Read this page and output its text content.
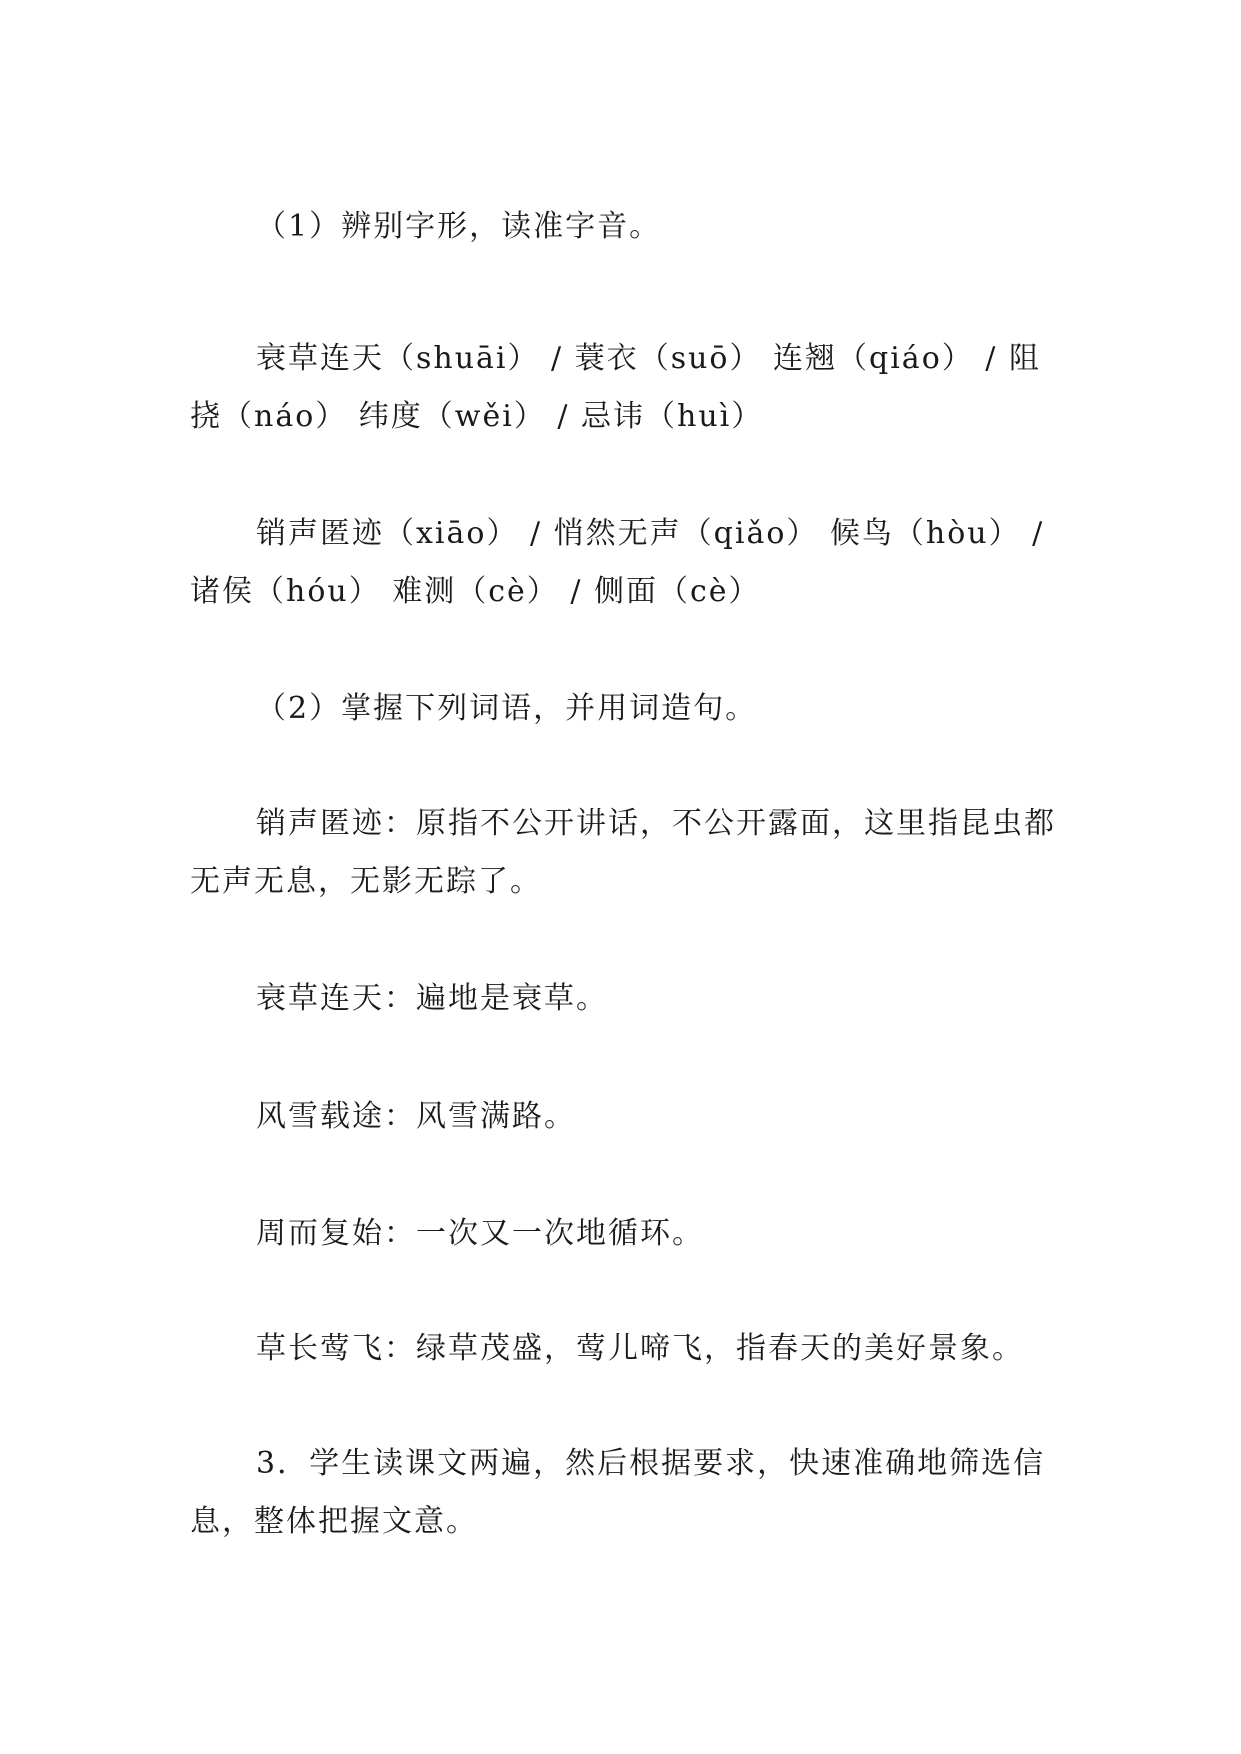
（1）辨别字形，读准字音。

衰草连天（shuāi） / 蓑衣（suō） 连翘（qiáo） / 阻挠（náo） 纬度（wěi） / 忌讳（huì）

销声匿迹（xiāo） / 悄然无声（qiǎo） 候鸟（hòu） / 诸侯（hóu） 难测（cè） / 侧面（cè）

（2）掌握下列词语，并用词造句。

销声匿迹：原指不公开讲话，不公开露面，这里指昆虫都无声无息，无影无踪了。

衰草连天：遍地是衰草。

风雪载途：风雪满路。

周而复始：一次又一次地循环。

草长莺飞：绿草茂盛，莺儿啼飞，指春天的美好景象。

3．学生读课文两遍，然后根据要求，快速准确地筛选信息，整体把握文意。
